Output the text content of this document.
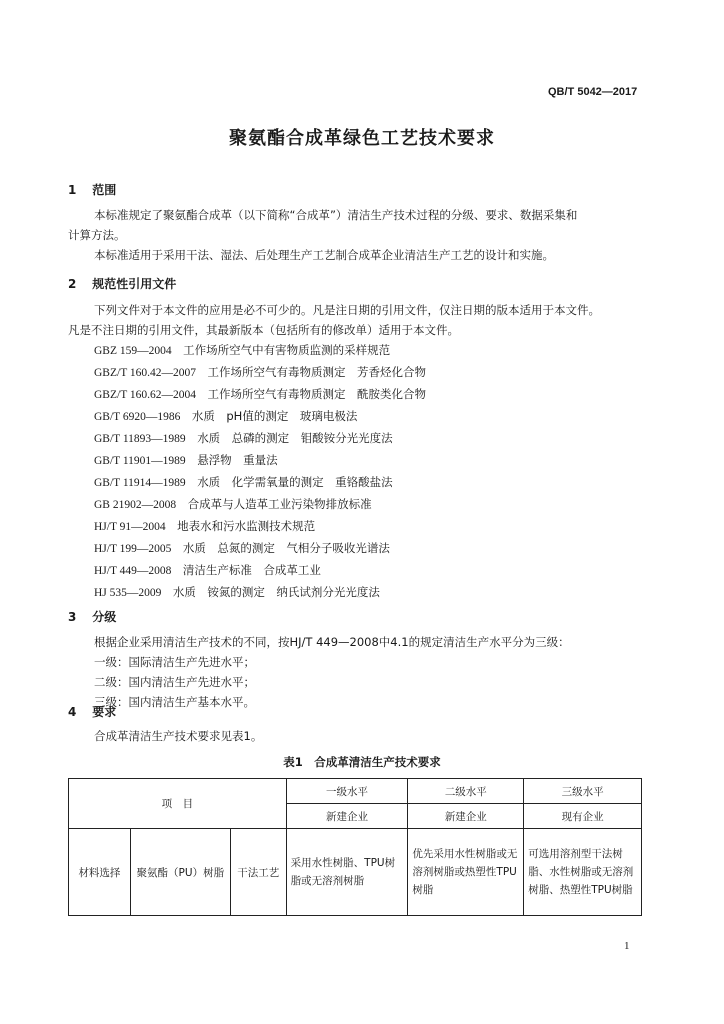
QB/T 5042—2017
聚氨酯合成革绿色工艺技术要求
1 范围
本标准规定了聚氨酯合成革（以下简称“合成革”）清洁生产技术过程的分级、要求、数据采集和
计算方法。
本标准适用于采用干法、湿法、后处理生产工艺制合成革企业清洁生产工艺的设计和实施。
2 规范性引用文件
下列文件对于本文件的应用是必不可少的。凡是注日期的引用文件，仅注日期的版本适用于本文件。
凡是不注日期的引用文件，其最新版本（包括所有的修改单）适用于本文件。
GBZ 159—2004　 工作场所空气中有害物质监测的采样规范
GBZ/T 160.42—2007　 工作场所空气有毒物质测定　芳香烃化合物
GBZ/T 160.62—2004　 工作场所空气有毒物质测定　酰胺类化合物
GB/T 6920—1986　 水质　pH值的测定　玻璃电极法
GB/T 11893—1989　 水质　总磷的测定　钼酸铵分光光度法
GB/T 11901—1989　 悬浮物　重量法
GB/T 11914—1989　 水质　化学需氧量的测定　重铬酸盐法
GB 21902—2008　 合成革与人造革工业污染物排放标准
HJ/T 91—2004　 地表水和污水监测技术规范
HJ/T 199—2005　 水质　总氮的测定　气相分子吸收光谱法
HJ/T 449—2008　 清洁生产标准　合成革工业
HJ 535—2009　 水质　铵氮的测定　纳氏试剂分光光度法
3 分级
根据企业采用清洁生产技术的不同，按HJ/T 449—2008中4.1的规定清洁生产水平分为三级：
一级：国际清洁生产先进水平；
二级：国内清洁生产先进水平；
三级：国内清洁生产基本水平。
4 要求
合成革清洁生产技术要求见表1。
表1　合成革清洁生产技术要求
项　目			一级水平	二级水平	三级水平
			新建企业	新建企业	现有企业
材料选择	聚氨酯（PU）树脂	干法工艺	采用水性树脂、TPU树脂或无溶剂树脂	优先采用水性树脂或无溶剂树脂或热塑性TPU树脂	可选用溶剂型干法树脂、水性树脂或无溶剂树脂、热塑性TPU树脂
1
